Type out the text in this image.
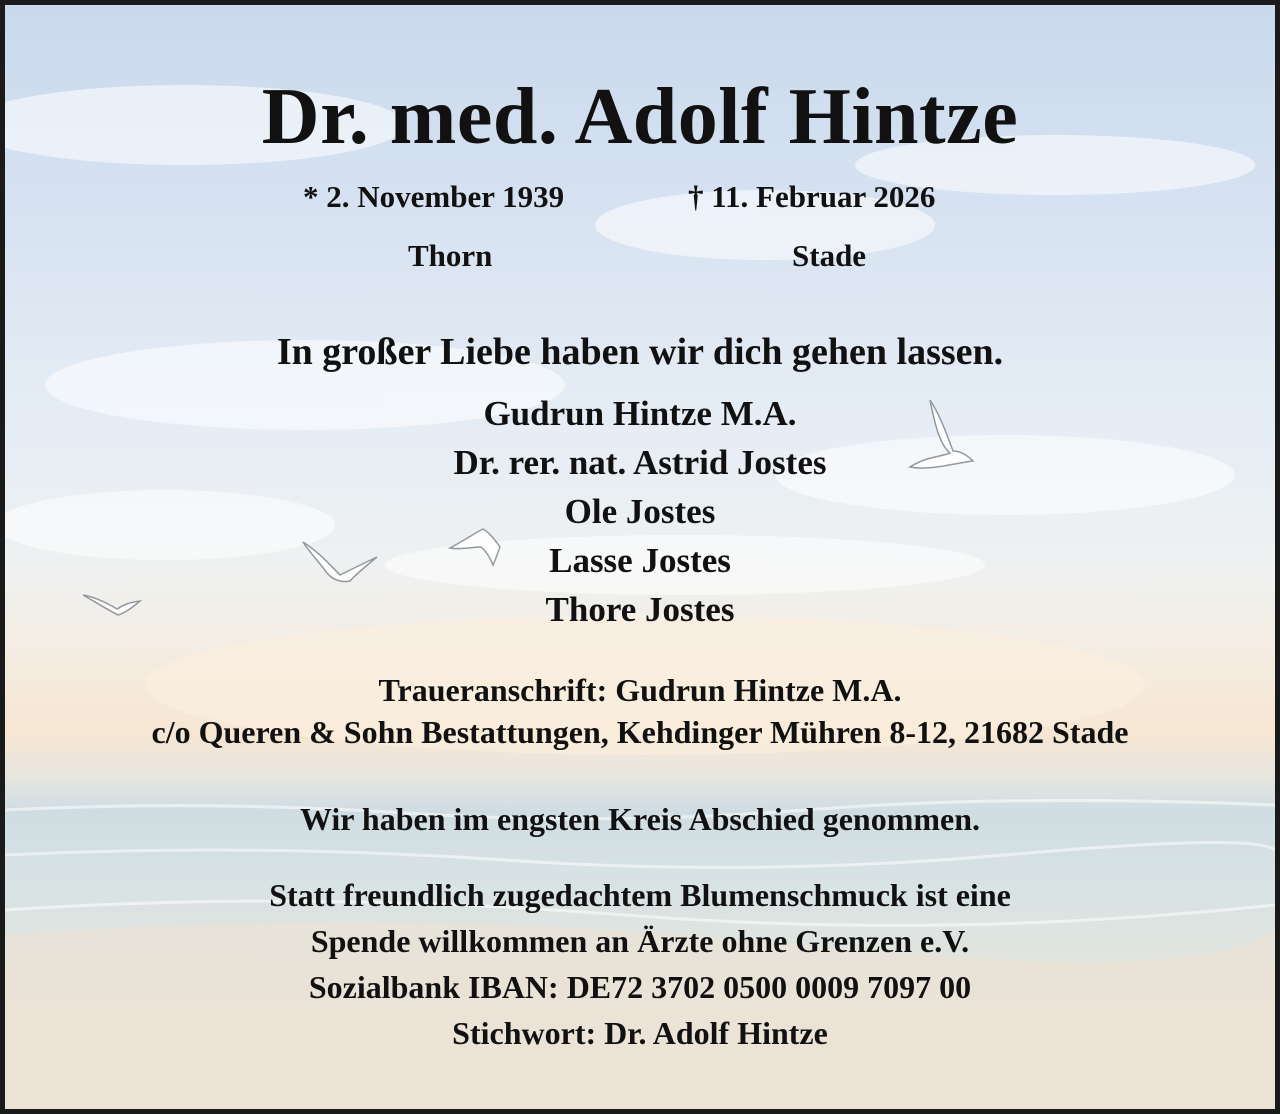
Dr. med. Adolf Hintze
* 2. November 1939	† 11. Februar 2026
Thorn	Stade
In großer Liebe haben wir dich gehen lassen.
Gudrun Hintze M.A.
Dr. rer. nat. Astrid Jostes
Ole Jostes
Lasse Jostes
Thore Jostes
Traueranschrift: Gudrun Hintze M.A.
c/o Queren & Sohn Bestattungen, Kehdinger Mühren 8-12, 21682 Stade
Wir haben im engsten Kreis Abschied genommen.
Statt freundlich zugedachtem Blumenschmuck ist eine
Spende willkommen an Ärzte ohne Grenzen e.V.
Sozialbank IBAN: DE72 3702 0500 0009 7097 00
Stichwort: Dr. Adolf Hintze
